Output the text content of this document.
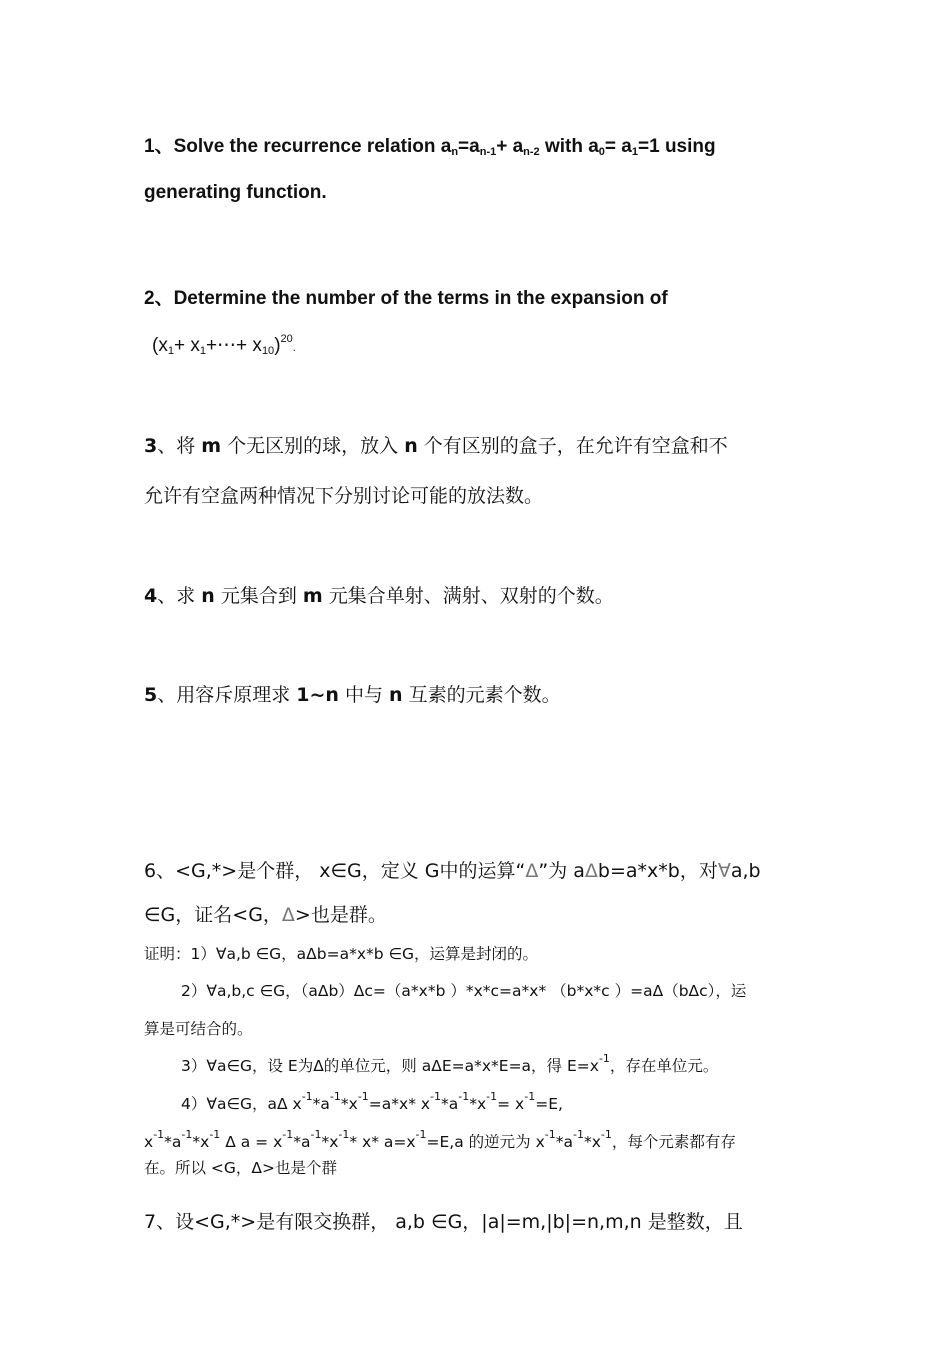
1、Solve the recurrence relation $a_n=a_{n-1}+ a_{n-2}$ with $a_0= a_1=1$ using
generating function.
2、Determine the number of the terms in the expansion of
($x_1+$ $x_1+\cdots+ x_{10})^{20}$.
3、将 m 个无区别的球，放入 n 个有区别的盒子，在允许有空盒和不
允许有空盒两种情况下分别讨论可能的放法数。
4、求 n 元集合到 m 元集合单射、满射、双射的个数。
5、用容斥原理求 1~n 中与 n 互素的元素个数。
6、<G,*>是个群， x∈G，定义 G中的运算“Δ”为 aΔb=a*x*b，对∀a,b
∈G，证名<G，Δ>也是群。
证明：1）∀a,b ∈G，aΔb=a*x*b ∈G，运算是封闭的。
2）∀a,b,c ∈G，（aΔb）Δc=（a*x*b ）*x*c=a*x* （b*x*c ）=aΔ（bΔc），运
算是可结合的。
3）∀a∈G，设 E为Δ的单位元，则 aΔE=a*x*E=a，得 $E=x^{-1}$，存在单位元。
4）∀a∈G，aΔ $x^{-1}*a^{-1}*x^{-1}=a*x*$ $x^{-1}*a^{-1}*x^{-1}= x^{-1}=E$,
$x^{-1}*a^{-1}*x^{-1}$ Δ $a = x^{-1}*a^{-1}*x^{-1}*$ x* $a=x^{-1}=E,a$ 的逆元为 $x^{-1}*a^{-1}*x^{-1}$，每个元素都有存
在。所以 <G，Δ>也是个群
7、设<G,*>是有限交换群， a,b ∈G，|a|=m,|b|=n,m,n 是整数，且
